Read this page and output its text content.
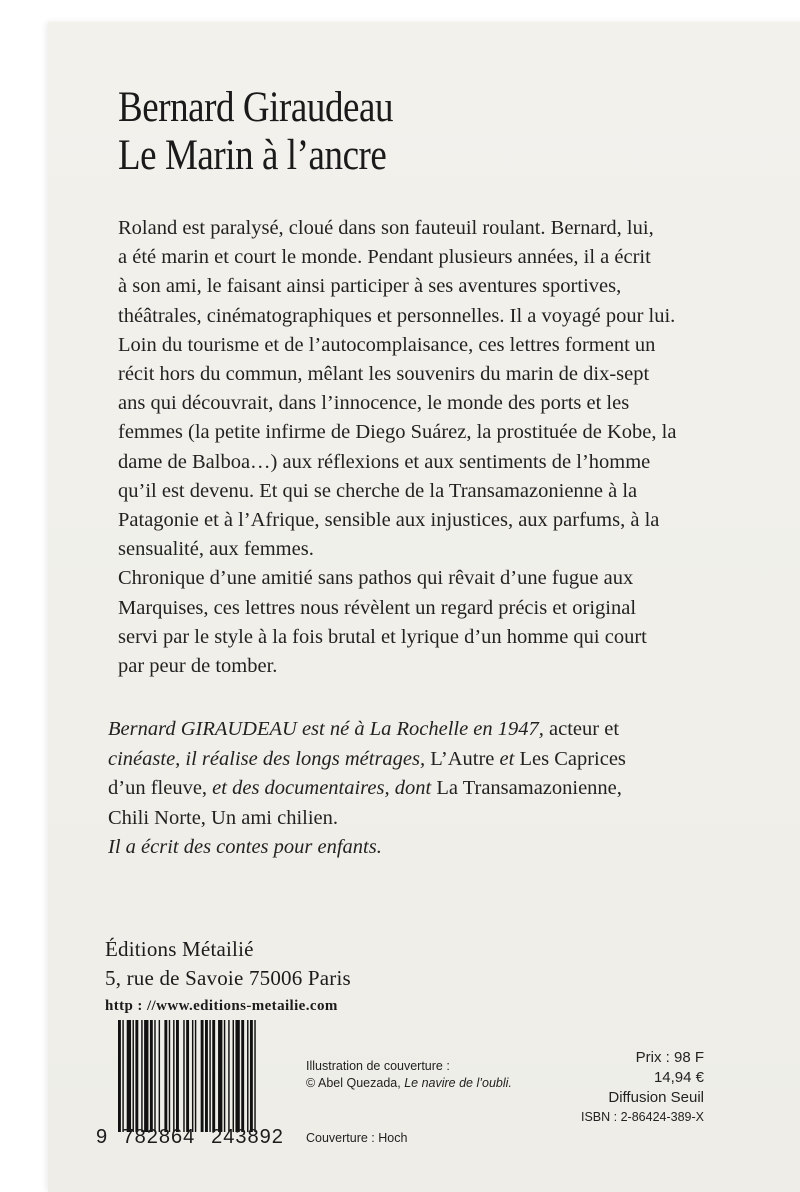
Bernard Giraudeau
Le Marin à l’ancre
Roland est paralysé, cloué dans son fauteuil roulant. Bernard, lui,
a été marin et court le monde. Pendant plusieurs années, il a écrit
à son ami, le faisant ainsi participer à ses aventures sportives,
théâtrales, cinématographiques et personnelles. Il a voyagé pour lui.
Loin du tourisme et de l’autocomplaisance, ces lettres forment un
récit hors du commun, mêlant les souvenirs du marin de dix-sept
ans qui découvrait, dans l’innocence, le monde des ports et les
femmes (la petite infirme de Diego Suárez, la prostituée de Kobe, la
dame de Balboa…) aux réflexions et aux sentiments de l’homme
qu’il est devenu. Et qui se cherche de la Transamazonienne à la
Patagonie et à l’Afrique, sensible aux injustices, aux parfums, à la
sensualité, aux femmes.
Chronique d’une amitié sans pathos qui rêvait d’une fugue aux
Marquises, ces lettres nous révèlent un regard précis et original
servi par le style à la fois brutal et lyrique d’un homme qui court
par peur de tomber.
Bernard GIRAUDEAU est né à La Rochelle en 1947, acteur et
cinéaste, il réalise des longs métrages, L’Autre et Les Caprices
d’un fleuve, et des documentaires, dont La Transamazonienne,
Chili Norte, Un ami chilien.
Il a écrit des contes pour enfants.
Éditions Métailié
5, rue de Savoie 75006 Paris
http : //www.editions-metailie.com
9 782864 243892
Illustration de couverture :
© Abel Quezada, Le navire de l’oubli.
Couverture : Hoch
Prix : 98 F
14,94 €
Diffusion Seuil
ISBN : 2-86424-389-X
